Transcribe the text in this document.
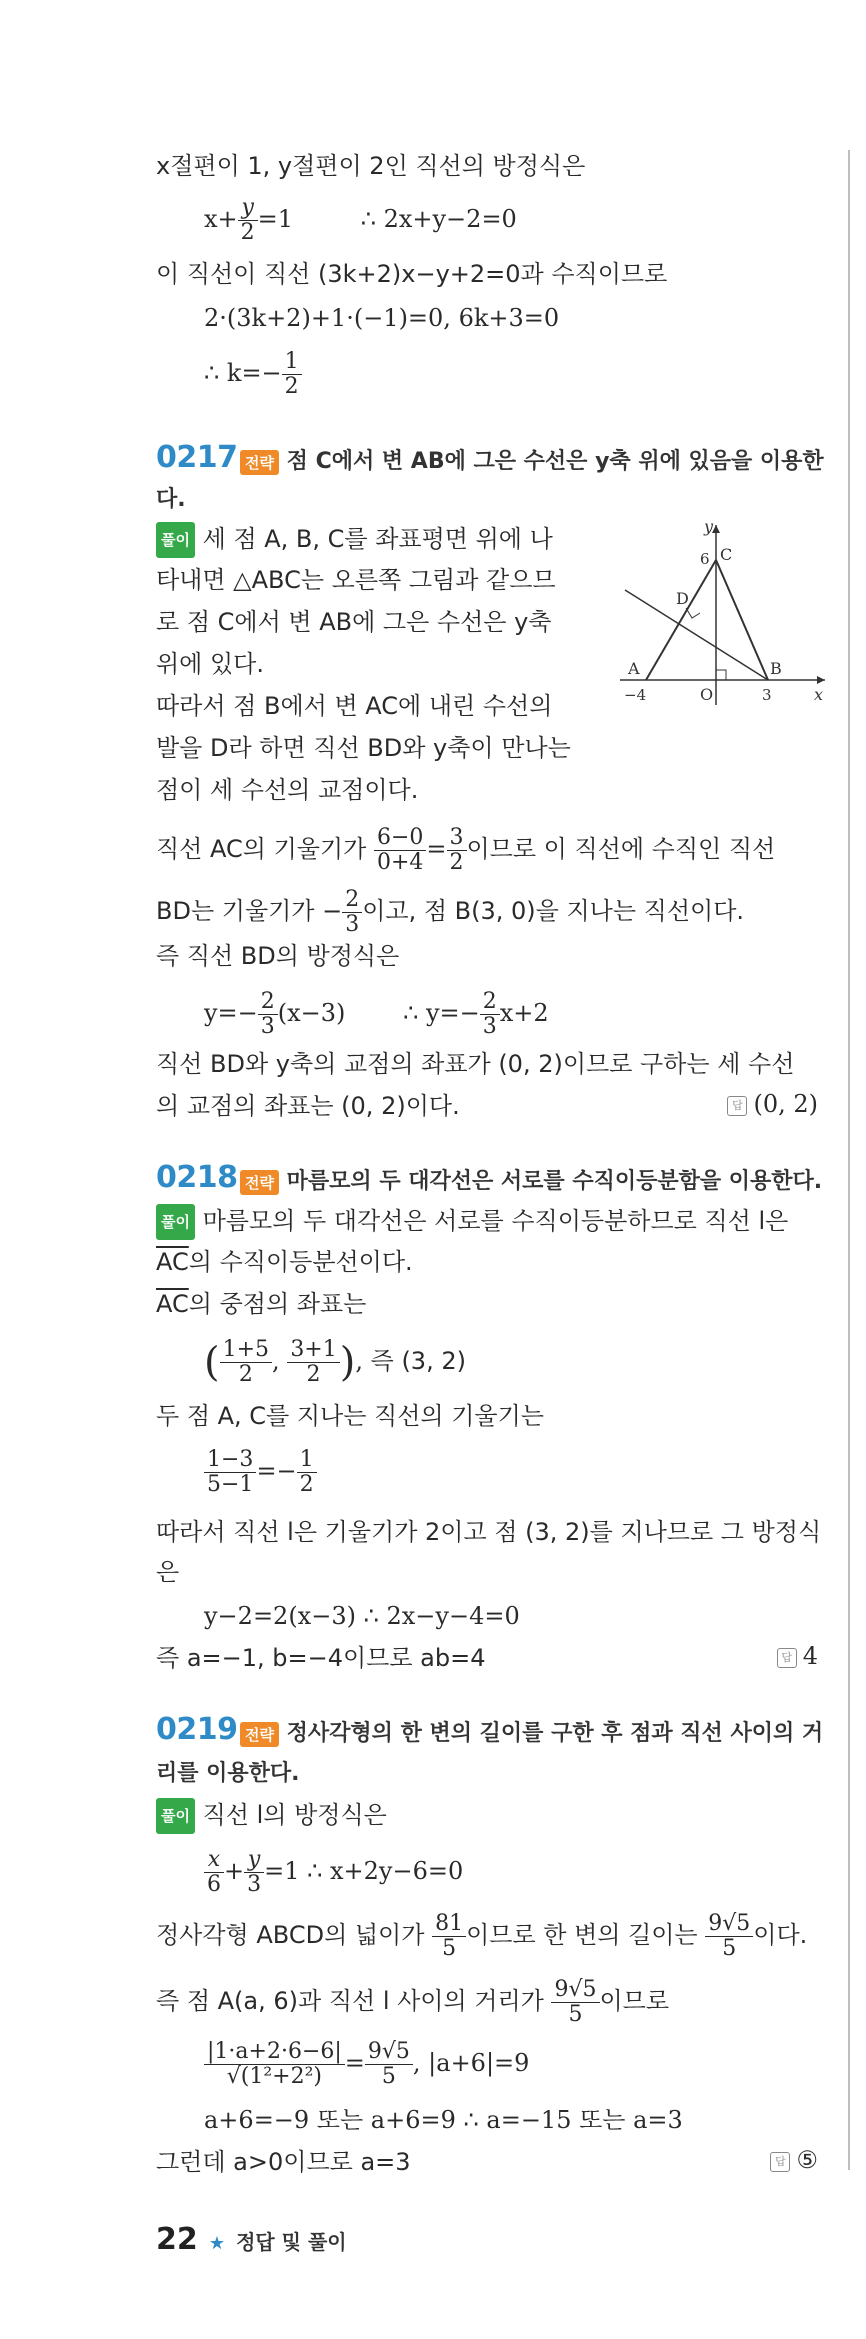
x절편이 1, y절편이 2인 직선의 방정식은
$x+ \frac{y}{2} =1$	∴ 2x+y−2=0
이 직선이 직선 (3k+2)x−y+2=0과 수직이므로
2·(3k+2)+1·(−1)=0, 6k+3=0
∴ $k=- \frac{1}{2}$
0217 전략 점 C에서 변 AB에 그은 수선은 y축 위에 있음을 이용한
다.
풀이 세 점 A, B, C를 좌표평면 위에 나
타내면 △ABC는 오른쪽 그림과 같으므
로 점 C에서 변 AB에 그은 수선은 y축
위에 있다.
따라서 점 B에서 변 AC에 내린 수선의
발을 D라 하면 직선 BD와 y축이 만나는
점이 세 수선의 교점이다.
y
x
6 C
D
A	B
O
−4	3
직선 AC의 기울기가 $\frac{6-0}{0+4} = \frac{3}{2}$ 이므로 이 직선에 수직인 직선
BD는 기울기가 − $\frac{2}{3}$ 이고, 점 B(3, 0)을 지나는 직선이다.
즉 직선 BD의 방정식은
$y=- \frac{2}{3} (x-3)$ ∴ $y=- \frac{2}{3} x+2$
직선 BD와 y축의 교점의 좌표가 (0, 2)이므로 구하는 세 수선
의 교점의 좌표는 (0, 2)이다.	답 (0, 2)
0218 전략 마름모의 두 대각선은 서로를 수직이등분함을 이용한다.
풀이 마름모의 두 대각선은 서로를 수직이등분하므로 직선 l은
$\overline{AC}$의 수직이등분선이다.
$\overline{AC}$의 중점의 좌표는
( $\frac{1+5}{2}$ , $\frac{3+1}{2}$ ), 즉 (3, 2)
두 점 A, C를 지나는 직선의 기울기는
$\frac{1-3}{5-1} =- \frac{1}{2}$
따라서 직선 l은 기울기가 2이고 점 (3, 2)를 지나므로 그 방정식
은
y−2=2(x−3) ∴ 2x−y−4=0
즉 a=−1, b=−4이므로 ab=4	답 4
0219 전략 정사각형의 한 변의 길이를 구한 후 점과 직선 사이의 거
리를 이용한다.
풀이 직선 l의 방정식은
$\frac{x}{6} + \frac{y}{3} =1$ ∴ x+2y−6=0
정사각형 ABCD의 넓이가 $\frac{81}{5}$ 이므로 한 변의 길이는 $\frac{9√5}{5}$ 이다.
즉 점 A(a, 6)과 직선 l 사이의 거리가 $\frac{9√5}{5}$ 이므로
$\frac{|1\cdot a+2\cdot 6-6|}{\text{√(1²+2²)}} = \frac{9√5}{5}$ , |a+6|=9
a+6=−9 또는 a+6=9 ∴ a=−15 또는 a=3
그런데 a>0이므로 a=3	답 ⑤
22 ★ 정답 및 풀이
